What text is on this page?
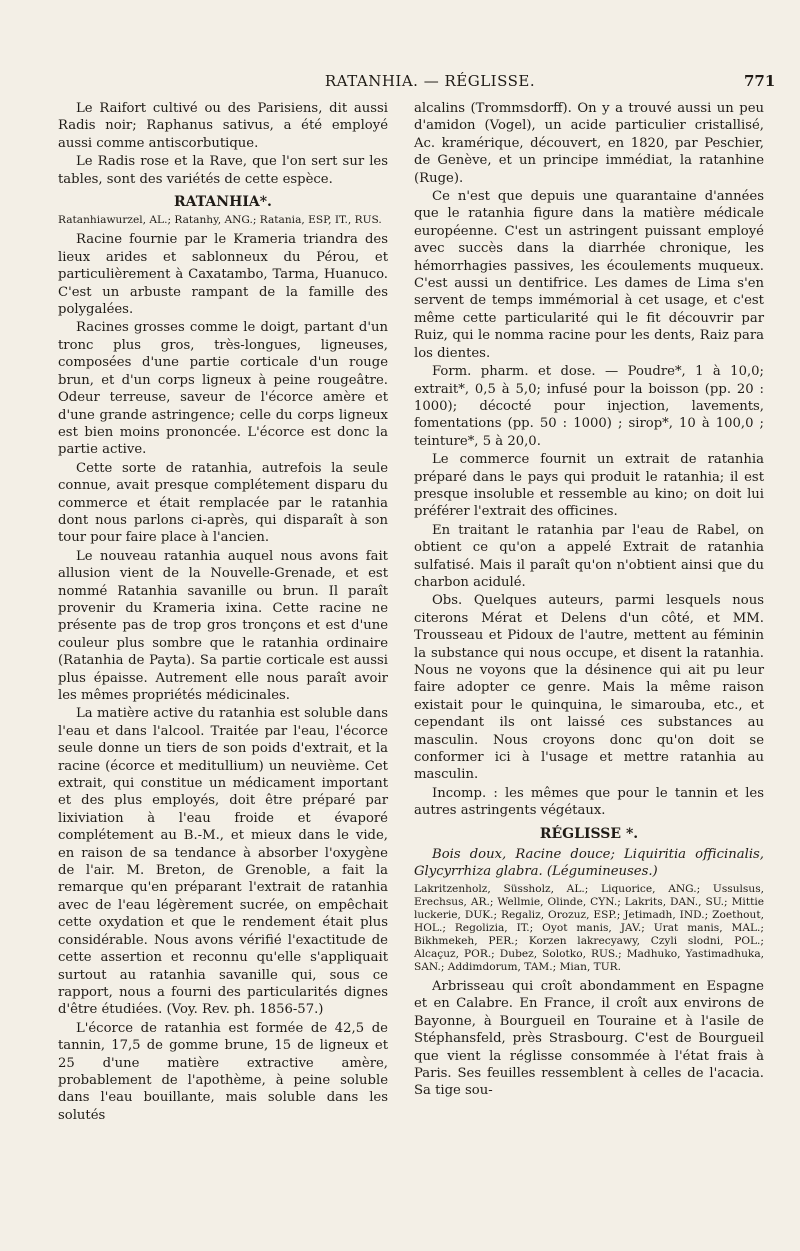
RATANHIA. — RÉGLISSE.	771

Le Raifort cultivé ou des Parisiens, dit aussi Radis noir; Raphanus sativus, a été employé aussi comme antiscorbutique.

Le Radis rose et la Rave, que l'on sert sur les tables, sont des variétés de cette espèce.

RATANHIA*.

Ratanhiawurzel, AL.; Ratanhy, ANG.; Ratania, ESP, IT., RUS.

Racine fournie par le Krameria triandra des lieux arides et sablonneux du Pérou, et particulièrement à Caxatambo, Tarma, Huanuco. C'est un arbuste rampant de la famille des polygalées.

Racines grosses comme le doigt, partant d'un tronc plus gros, très-longues, ligneuses, composées d'une partie corticale d'un rouge brun, et d'un corps ligneux à peine rougeâtre. Odeur terreuse, saveur de l'écorce amère et d'une grande astringence; celle du corps ligneux est bien moins prononcée. L'écorce est donc la partie active.

Cette sorte de ratanhia, autrefois la seule connue, avait presque complétement disparu du commerce et était remplacée par le ratanhia dont nous parlons ci-après, qui disparaît à son tour pour faire place à l'ancien.

Le nouveau ratanhia auquel nous avons fait allusion vient de la Nouvelle-Grenade, et est nommé Ratanhia savanille ou brun. Il paraît provenir du Krameria ixina. Cette racine ne présente pas de trop gros tronçons et est d'une couleur plus sombre que le ratanhia ordinaire (Ratanhia de Payta). Sa partie corticale est aussi plus épaisse. Autrement elle nous paraît avoir les mêmes propriétés médicinales.

La matière active du ratanhia est soluble dans l'eau et dans l'alcool. Traitée par l'eau, l'écorce seule donne un tiers de son poids d'extrait, et la racine (écorce et meditullium) un neuvième. Cet extrait, qui constitue un médicament important et des plus employés, doit être préparé par lixiviation à l'eau froide et évaporé complétement au B.-M., et mieux dans le vide, en raison de sa tendance à absorber l'oxygène de l'air. M. Breton, de Grenoble, a fait la remarque qu'en préparant l'extrait de ratanhia avec de l'eau légèrement sucrée, on empêchait cette oxydation et que le rendement était plus considérable. Nous avons vérifié l'exactitude de cette assertion et reconnu qu'elle s'appliquait surtout au ratanhia savanille qui, sous ce rapport, nous a fourni des particularités dignes d'être étudiées. (Voy. Rev. ph. 1856-57.)

L'écorce de ratanhia est formée de 42,5 de tannin, 17,5 de gomme brune, 15 de ligneux et 25 d'une matière extractive amère, probablement de l'apothème, à peine soluble dans l'eau bouillante, mais soluble dans les solutés

alcalins (Trommsdorff). On y a trouvé aussi un peu d'amidon (Vogel), un acide particulier cristallisé, Ac. kramérique, découvert, en 1820, par Peschier, de Genève, et un principe immédiat, la ratanhine (Ruge).

Ce n'est que depuis une quarantaine d'années que le ratanhia figure dans la matière médicale européenne. C'est un astringent puissant employé avec succès dans la diarrhée chronique, les hémorrhagies passives, les écoulements muqueux. C'est aussi un dentifrice. Les dames de Lima s'en servent de temps immémorial à cet usage, et c'est même cette particularité qui le fit découvrir par Ruiz, qui le nomma racine pour les dents, Raiz para los dientes.

Form. pharm. et dose. — Poudre*, 1 à 10,0; extrait*, 0,5 à 5,0; infusé pour la boisson (pp. 20 : 1000); décocté pour injection, lavements, fomentations (pp. 50 : 1000) ; sirop*, 10 à 100,0 ; teinture*, 5 à 20,0.

Le commerce fournit un extrait de ratanhia préparé dans le pays qui produit le ratanhia; il est presque insoluble et ressemble au kino; on doit lui préférer l'extrait des officines.

En traitant le ratanhia par l'eau de Rabel, on obtient ce qu'on a appelé Extrait de ratanhia sulfatisé. Mais il paraît qu'on n'obtient ainsi que du charbon acidulé.

Obs. Quelques auteurs, parmi lesquels nous citerons Mérat et Delens d'un côté, et MM. Trousseau et Pidoux de l'autre, mettent au féminin la substance qui nous occupe, et disent la ratanhia. Nous ne voyons que la désinence qui ait pu leur faire adopter ce genre. Mais la même raison existait pour le quinquina, le simarouba, etc., et cependant ils ont laissé ces substances au masculin. Nous croyons donc qu'on doit se conformer ici à l'usage et mettre ratanhia au masculin.

Incomp. : les mêmes que pour le tannin et les autres astringents végétaux.

RÉGLISSE *.

Bois doux, Racine douce; Liquiritia officinalis, Glycyrrhiza glabra. (Légumineuses.)

Lakritzenholz, Süssholz, AL.; Liquorice, ANG.; Ussulsus, Erechsus, AR.; Wellmie, Olinde, CYN.; Lakrits, DAN., SU.; Mittie luckerie, DUK.; Regaliz, Orozuz, ESP.; Jetimadh, IND.; Zoethout, HOL.; Regolizia, IT.; Oyot manis, JAV.; Urat manis, MAL.; Bikhmekeh, PER.; Korzen lakrecyawy, Czyli slodni, POL.; Alcaçuz, POR.; Dubez, Solotko, RUS.; Madhuko, Yastimadhuka, SAN.; Addimdorum, TAM.; Mian, TUR.

Arbrisseau qui croît abondamment en Espagne et en Calabre. En France, il croît aux environs de Bayonne, à Bourgueil en Touraine et à l'asile de Stéphansfeld, près Strasbourg. C'est de Bourgueil que vient la réglisse consommée à l'état frais à Paris. Ses feuilles ressemblent à celles de l'acacia. Sa tige sou-
